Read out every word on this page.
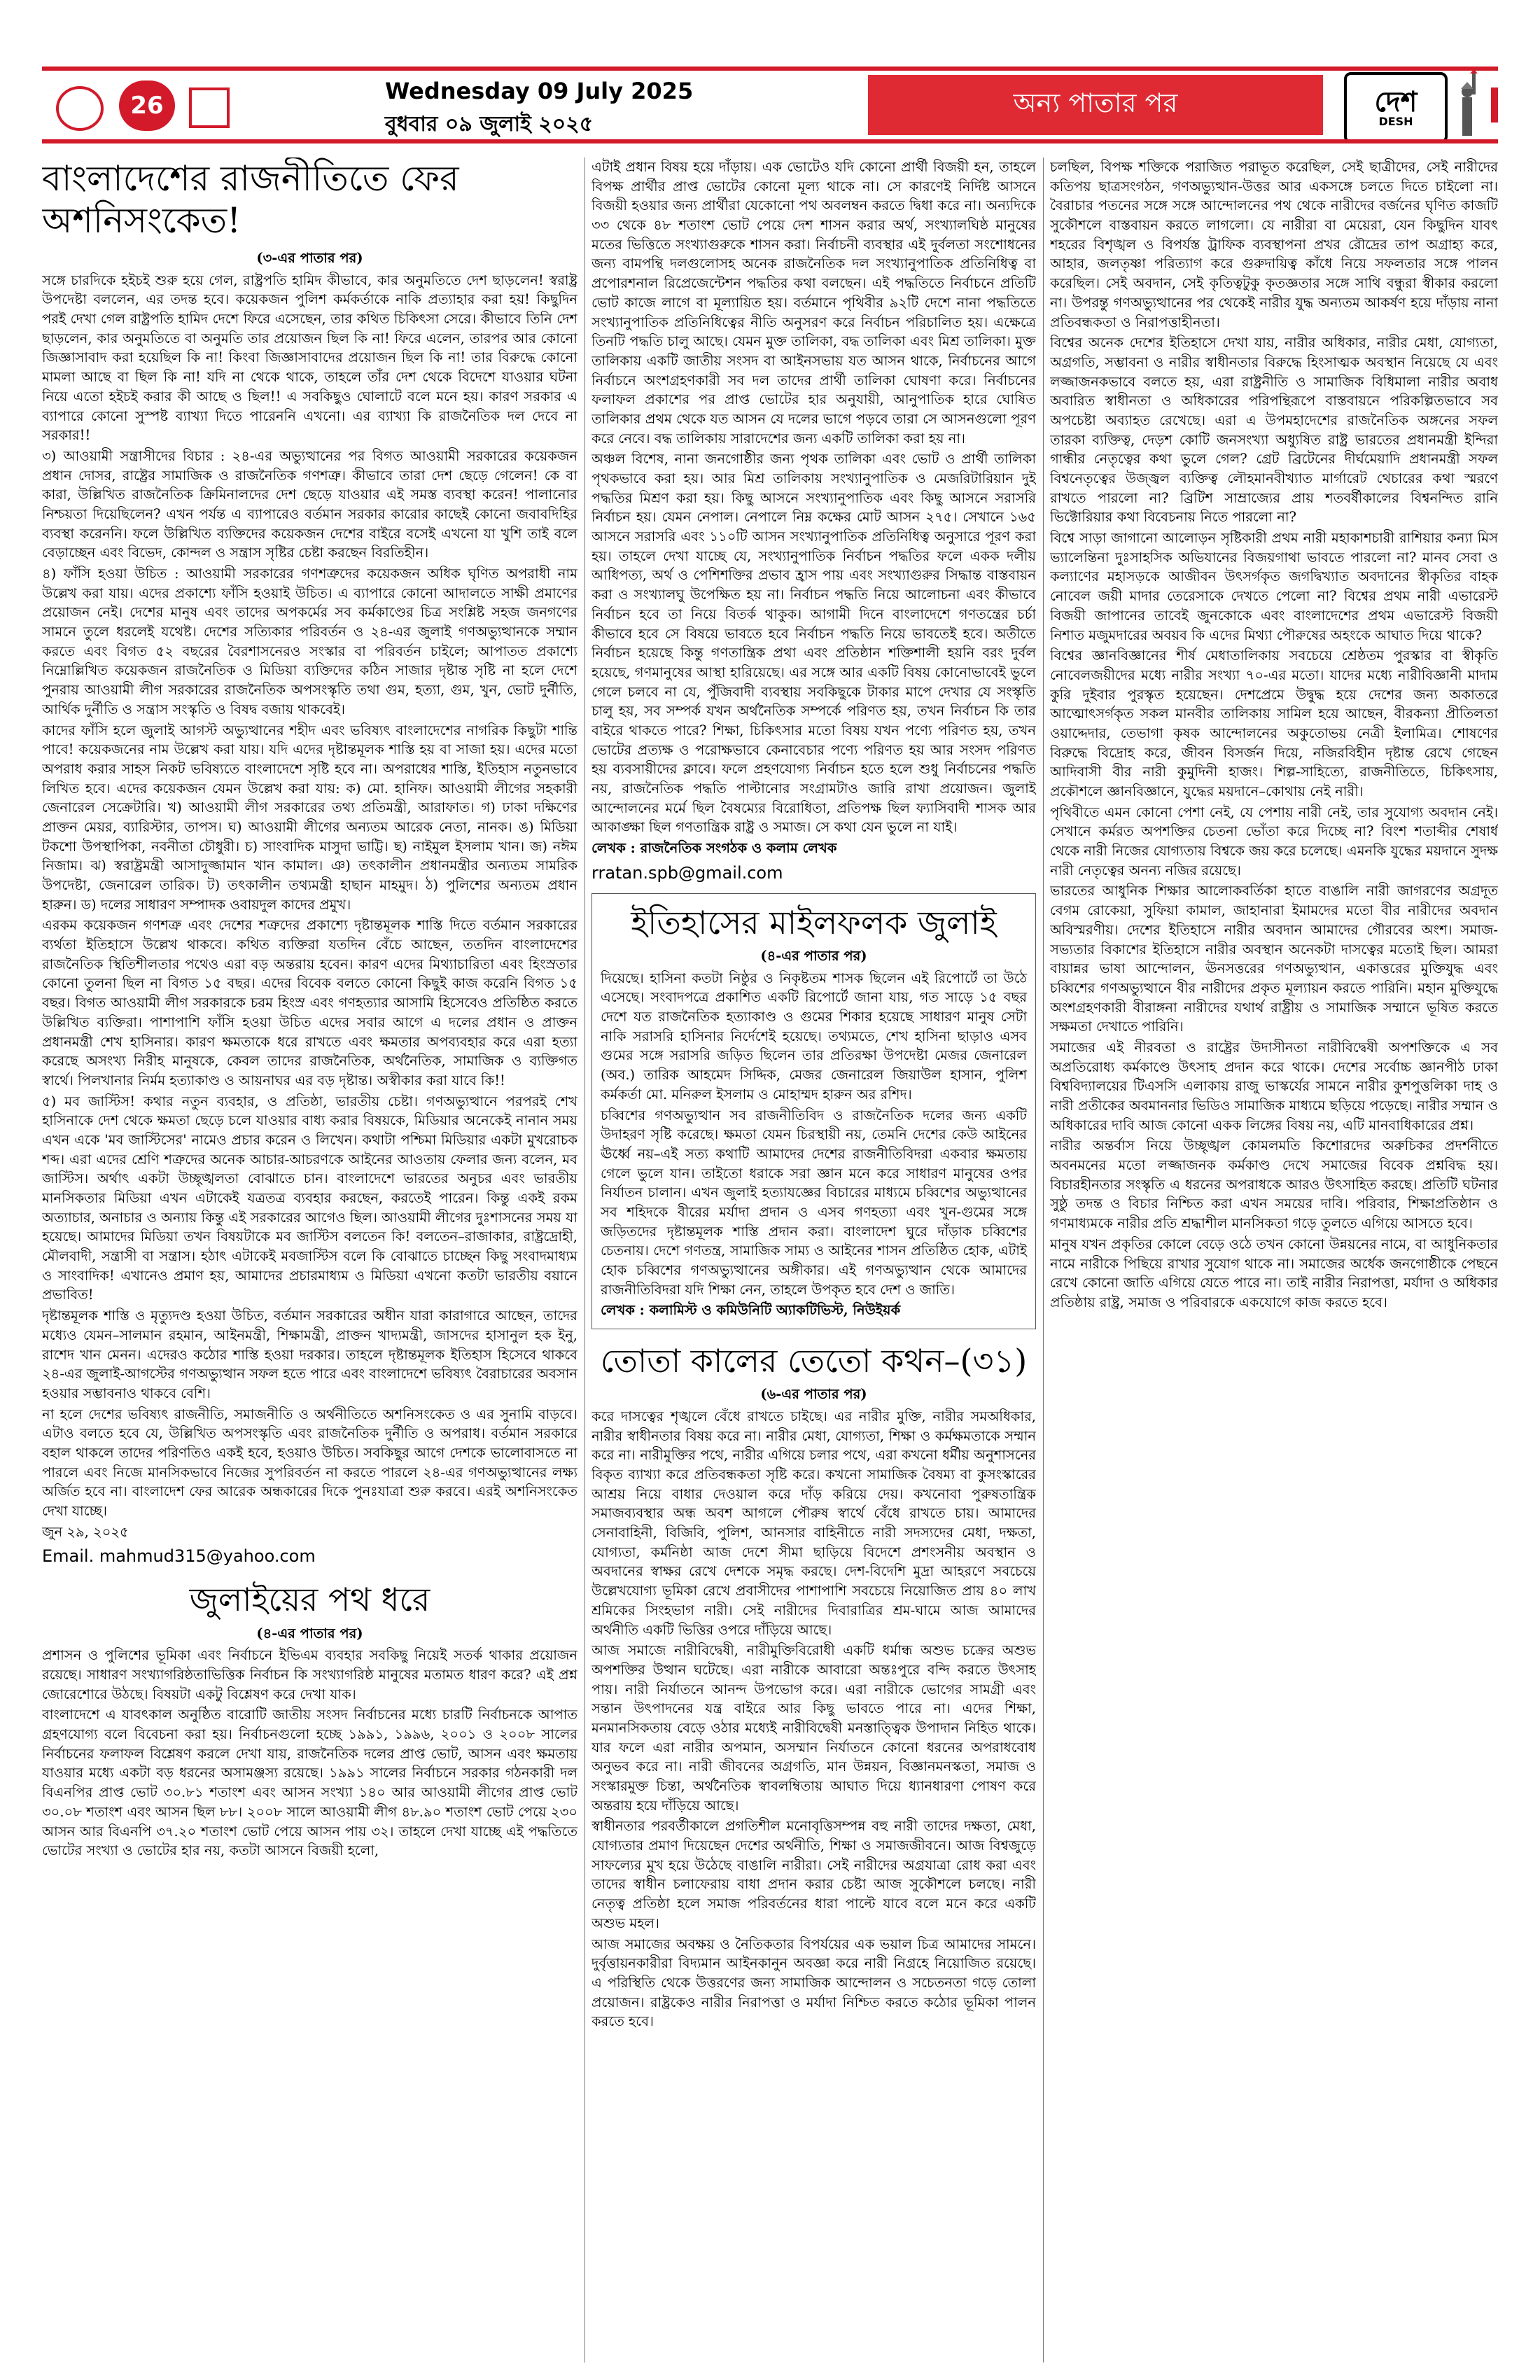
26
Wednesday 09 July 2025
বুধবার ০৯ জুলাই ২০২৫
অন্য পাতার পর	দেশ
DESH
বাংলাদেশের রাজনীতিতে ফের অশনিসংকেত!
(৩-এর পাতার পর)

সঙ্গে চারদিকে হইচই শুরু হয়ে গেল, রাষ্ট্রপতি হামিদ কীভাবে, কার অনুমতিতে দেশ ছাড়লেন! স্বরাষ্ট্র উপদেষ্টা বললেন, এর তদন্ত হবে। কয়েকজন পুলিশ কর্মকর্তাকে নাকি প্রত্যাহার করা হয়! কিছুদিন পরই দেখা গেল রাষ্ট্রপতি হামিদ দেশে ফিরে এসেছেন, তার কথিত চিকিৎসা সেরে। কীভাবে তিনি দেশ ছাড়লেন, কার অনুমতিতে বা অনুমতি তার প্রয়োজন ছিল কি না! ফিরে এলেন, তারপর আর কোনো জিজ্ঞাসাবাদ করা হয়েছিল কি না! কিংবা জিজ্ঞাসাবাদের প্রয়োজন ছিল কি না! তার বিরুদ্ধে কোনো মামলা আছে বা ছিল কি না! যদি না থেকে থাকে, তাহলে তাঁর দেশ থেকে বিদেশে যাওয়ার ঘটনা নিয়ে এতো হইচই করার কী আছে ও ছিল!! এ সবকিছুও ঘোলাটে বলে মনে হয়। কারণ সরকার এ ব্যাপারে কোনো সুস্পষ্ট ব্যাখ্যা দিতে পারেননি এখনো। এর ব্যাখ্যা কি রাজনৈতিক দল দেবে না সরকার!!

৩) আওয়ামী সন্ত্রাসীদের বিচার : ২৪-এর অভ্যুত্থানের পর বিগত আওয়ামী সরকারের কয়েকজন প্রধান দোসর, রাষ্ট্রের সামাজিক ও রাজনৈতিক গণশত্রু। কীভাবে তারা দেশ ছেড়ে গেলেন! কে বা কারা, উল্লিখিত রাজনৈতিক ক্রিমিনালদের দেশ ছেড়ে যাওয়ার এই সমস্ত ব্যবস্থা করেন! পালানোর নিশ্চয়তা দিয়েছিলেন? এখন পর্যন্ত এ ব্যাপারেও বর্তমান সরকার কারোর কাছেই কোনো জবাবদিহির ব্যবস্থা করেননি। ফলে উল্লিখিত ব্যক্তিদের কয়েকজন দেশের বাইরে বসেই এখনো যা খুশি তাই বলে বেড়াচ্ছেন এবং বিভেদ, কোন্দল ও সন্ত্রাস সৃষ্টির চেষ্টা করছেন বিরতিহীন।

৪) ফাঁসি হওয়া উচিত : আওয়ামী সরকারের গণশত্রুদের কয়েকজন অধিক ঘৃণিত অপরাধী নাম উল্লেখ করা যায়। এদের প্রকাশ্যে ফাঁসি হওয়াই উচিত। এ ব্যাপারে কোনো আদালতে সাক্ষী প্রমাণের প্রয়োজন নেই। দেশের মানুষ এবং তাদের অপকর্মের সব কর্মকাণ্ডের চিত্র সংশ্লিষ্ট সহজ জনগণের সামনে তুলে ধরলেই যথেষ্ট। দেশের সত্যিকার পরিবর্তন ও ২৪-এর জুলাই গণঅভ্যুত্থানকে সম্মান করতে এবং বিগত ৫২ বছরের বৈরশাসনেরও সংস্কার বা পরিবর্তন চাইলে; আপাতত প্রকাশ্যে নিম্নোল্লিখিত কয়েকজন রাজনৈতিক ও মিডিয়া ব্যক্তিদের কঠিন সাজার দৃষ্টান্ত সৃষ্টি না হলে দেশে পুনরায় আওয়ামী লীগ সরকারের রাজনৈতিক অপসংস্কৃতি তথা গুম, হত্যা, গুম, খুন, ভোট দুর্নীতি, আর্থিক দুর্নীতি ও সন্ত্রাস সংস্কৃতি ও বিষদ্ব বজায় থাকবেই।

কাদের ফাঁসি হলে জুলাই আগস্ট অভ্যুত্থানের শহীদ এবং ভবিষ্যৎ বাংলাদেশের নাগরিক কিছুটা শান্তি পাবে! কয়েকজনের নাম উল্লেখ করা যায়। যদি এদের দৃষ্টান্তমূলক শাস্তি হয় বা সাজা হয়। এদের মতো অপরাধ করার সাহস নিকট ভবিষ্যতে বাংলাদেশে সৃষ্টি হবে না। অপরাধের শাস্তি, ইতিহাস নতুনভাবে লিখিত হবে। এদের কয়েকজন যেমন উল্লেখ করা যায়: ক) মো. হানিফ। আওয়ামী লীগের সহকারী জেনারেল সেক্রেটারি। খ) আওয়ামী লীগ সরকারের তথ্য প্রতিমন্ত্রী, আরাফাত। গ) ঢাকা দক্ষিণের প্রাক্তন মেয়র, ব্যারিস্টার, তাপস। ঘ) আওয়ামী লীগের অন্যতম আরেক নেতা, নানক। ঙ) মিডিয়া টকশো উপস্থাপিকা, নবনীতা চৌধুরী। চ) সাংবাদিক মাসুদা ভাট্টি। ছ) নাইমুল ইসলাম খান। জ) নঈম নিজাম। ঝ) স্বরাষ্ট্রমন্ত্রী আসাদুজ্জামান খান কামাল। ঞ) তৎকালীন প্রধানমন্ত্রীর অন্যতম সামরিক উপদেষ্টা, জেনারেল তারিক। ট) তৎকালীন তথ্যমন্ত্রী হাছান মাহমুদ। ঠ) পুলিশের অন্যতম প্রধান হারুন। ড) দলের সাধারণ সম্পাদক ওবায়দুল কাদের প্রমুখ।

এরকম কয়েকজন গণশত্রু এবং দেশের শত্রুদের প্রকাশ্যে দৃষ্টান্তমূলক শাস্তি দিতে বর্তমান সরকারের ব্যর্থতা ইতিহাসে উল্লেখ থাকবে। কথিত ব্যক্তিরা যতদিন বেঁচে আছেন, ততদিন বাংলাদেশের রাজনৈতিক স্থিতিশীলতার পথেও এরা বড় অন্তরায় হবেন। কারণ এদের মিথ্যাচারিতা এবং হিংস্রতার কোনো তুলনা ছিল না বিগত ১৫ বছর। এদের বিবেক বলতে কোনো কিছুই কাজ করেনি বিগত ১৫ বছর। বিগত আওয়ামী লীগ সরকারকে চরম হিংস্র এবং গণহত্যার আসামি হিসেবেও প্রতিষ্ঠিত করতে উল্লিখিত ব্যক্তিরা। পাশাপাশি ফাঁসি হওয়া উচিত এদের সবার আগে এ দলের প্রধান ও প্রাক্তন প্রধানমন্ত্রী শেখ হাসিনার। কারণ ক্ষমতাকে ধরে রাখতে এবং ক্ষমতার অপব্যবহার করে এরা হত্যা করেছে অসংখ্য নিরীহ মানুষকে, কেবল তাদের রাজনৈতিক, অর্থনৈতিক, সামাজিক ও ব্যক্তিগত স্বার্থে। পিলখানার নির্মম হত্যাকাণ্ড ও আয়নাঘর এর বড় দৃষ্টান্ত। অস্বীকার করা যাবে কি!!

৫) মব জাস্টিস! কথার নতুন ব্যবহার, ও প্রতিষ্ঠা, ভারতীয় চেষ্টা। গণঅভ্যুত্থানে পরপরই শেখ হাসিনাকে দেশ থেকে ক্ষমতা ছেড়ে চলে যাওয়ার বাধ্য করার বিষয়কে, মিডিয়ার অনেকেই নানান সময় এখন একে 'মব জাস্টিসের' নামেও প্রচার করেন ও লিখেন। কথাটা পশ্চিমা মিডিয়ার একটা মুখরোচক শব্দ। এরা এদের শ্রেণি শত্রুদের অনেক আচার-আচরণকে আইনের আওতায় ফেলার জন্য বলেন, মব জাস্টিস। অর্থাৎ একটা উচ্ছৃঙ্খলতা বোঝাতে চান। বাংলাদেশে ভারতের অনুচর এবং ভারতীয় মানসিকতার মিডিয়া এখন এটাকেই যত্রতত্র ব্যবহার করছেন, করতেই পারেন। কিন্তু একই রকম অত্যাচার, অনাচার ও অন্যায় কিন্তু এই সরকারের আগেও ছিল। আওয়ামী লীগের দুঃশাসনের সময় যা হয়েছে। আমাদের মিডিয়া তখন বিষয়টাকে মব জাস্টিস বলতেন কি! বলতেন–রাজাকার, রাষ্ট্রদ্রোহী, মৌলবাদী, সন্ত্রাসী বা সন্ত্রাস। হঠাৎ এটাকেই মবজাস্টিস বলে কি বোঝাতে চাচ্ছেন কিছু সংবাদমাধ্যম ও সাংবাদিক! এখানেও প্রমাণ হয়, আমাদের প্রচারমাধ্যম ও মিডিয়া এখনো কতটা ভারতীয় বয়ানে প্রভাবিত!

দৃষ্টান্তমূলক শাস্তি ও মৃত্যুদণ্ড হওয়া উচিত, বর্তমান সরকারের অধীন যারা কারাগারে আছেন, তাদের মধ্যেও যেমন–সালমান রহমান, আইনমন্ত্রী, শিক্ষামন্ত্রী, প্রাক্তন খাদ্যমন্ত্রী, জাসদের হাসানুল হক ইনু, রাশেদ খান মেনন। এদেরও কঠোর শাস্তি হওয়া দরকার। তাহলে দৃষ্টান্তমূলক ইতিহাস হিসেবে থাকবে ২৪-এর জুলাই-আগস্টের গণঅভ্যুত্থান সফল হতে পারে এবং বাংলাদেশে ভবিষ্যৎ বৈরাচারের অবসান হওয়ার সম্ভাবনাও থাকবে বেশি।

না হলে দেশের ভবিষ্যৎ রাজনীতি, সমাজনীতি ও অর্থনীতিতে অশনিসংকেত ও এর সুনামি বাড়বে। এটাও বলতে হবে যে, উল্লিখিত অপসংস্কৃতি এবং রাজনৈতিক দুর্নীতি ও অপরাধ। বর্তমান সরকারে বহাল থাকলে তাদের পরিণতিও একই হবে, হওয়াও উচিত। সবকিছুর আগে দেশকে ভালোবাসতে না পারলে এবং নিজে মানসিকভাবে নিজের সুপরিবর্তন না করতে পারলে ২৪-এর গণঅভ্যুত্থানের লক্ষ্য অর্জিত হবে না। বাংলাদেশ ফের আরেক অন্ধকারের দিকে পুনঃযাত্রা শুরু করবে। এরই অশনিসংকেত দেখা যাচ্ছে।

জুন ২৯, ২০২৫

Email. mahmud315@yahoo.com
জুলাইয়ের পথ ধরে
(৪-এর পাতার পর)

প্রশাসন ও পুলিশের ভূমিকা এবং নির্বাচনে ইভিএম ব্যবহার সবকিছু নিয়েই সতর্ক থাকার প্রয়োজন রয়েছে। সাধারণ সংখ্যাগরিষ্ঠতাভিত্তিক নির্বাচন কি সংখ্যাগরিষ্ঠ মানুষের মতামত ধারণ করে? এই প্রশ্ন জোরেশোরে উঠছে। বিষয়টা একটু বিশ্লেষণ করে দেখা যাক।

বাংলাদেশে এ যাবৎকাল অনুষ্ঠিত বারোটি জাতীয় সংসদ নির্বাচনের মধ্যে চারটি নির্বাচনকে আপাত গ্রহণযোগ্য বলে বিবেচনা করা হয়। নির্বাচনগুলো হচ্ছে ১৯৯১, ১৯৯৬, ২০০১ ও ২০০৮ সালের নির্বাচনের ফলাফল বিশ্লেষণ করলে দেখা যায়, রাজনৈতিক দলের প্রাপ্ত ভোট, আসন এবং ক্ষমতায় যাওয়ার মধ্যে একটা বড় ধরনের অসামঞ্জস্য রয়েছে। ১৯৯১ সালের নির্বাচনে সরকার গঠনকারী দল বিএনপির প্রাপ্ত ভোট ৩০.৮১ শতাংশ এবং আসন সংখ্যা ১৪০ আর আওয়ামী লীগের প্রাপ্ত ভোট ৩০.০৮ শতাংশ এবং আসন ছিল ৮৮। ২০০৮ সালে আওয়ামী লীগ ৪৮.৯০ শতাংশ ভোট পেয়ে ২৩০ আসন আর বিএনপি ৩৭.২০ শতাংশ ভোট পেয়ে আসন পায় ৩২। তাহলে দেখা যাচ্ছে এই পদ্ধতিতে ভোটের সংখ্যা ও ভোটের হার নয়, কতটা আসনে বিজয়ী হলো,

এটাই প্রধান বিষয় হয়ে দাঁড়ায়। এক ভোটেও যদি কোনো প্রার্থী বিজয়ী হন, তাহলে বিপক্ষ প্রার্থীর প্রাপ্ত ভোটের কোনো মূল্য থাকে না। সে কারণেই নির্দিষ্ট আসনে বিজয়ী হওয়ার জন্য প্রার্থীরা যেকোনো পথ অবলম্বন করতে দ্বিধা করে না। অন্যদিকে ৩৩ থেকে ৪৮ শতাংশ ভোট পেয়ে দেশ শাসন করার অর্থ, সংখ্যালঘিষ্ঠ মানুষের মতের ভিত্তিতে সংখ্যাগুরুকে শাসন করা। নির্বাচনী ব্যবস্থার এই দুর্বলতা সংশোধনের জন্য বামপন্থি দলগুলোসহ অনেক রাজনৈতিক দল সংখ্যানুপাতিক প্রতিনিধিত্ব বা প্রপোরশনাল রিপ্রেজেন্টেশন পদ্ধতির কথা বলছেন। এই পদ্ধতিতে নির্বাচনে প্রতিটি ভোট কাজে লাগে বা মূল্যায়িত হয়। বর্তমানে পৃথিবীর ৯২টি দেশে নানা পদ্ধতিতে সংখ্যানুপাতিক প্রতিনিধিত্বের নীতি অনুসরণ করে নির্বাচন পরিচালিত হয়। এক্ষেত্রে তিনটি পদ্ধতি চালু আছে। যেমন মুক্ত তালিকা, বদ্ধ তালিকা এবং মিশ্র তালিকা। মুক্ত তালিকায় একটি জাতীয় সংসদ বা আইনসভায় যত আসন থাকে, নির্বাচনের আগে নির্বাচনে অংশগ্রহণকারী সব দল তাদের প্রার্থী তালিকা ঘোষণা করে। নির্বাচনের ফলাফল প্রকাশের পর প্রাপ্ত ভোটের হার অনুযায়ী, আনুপাতিক হারে ঘোষিত তালিকার প্রথম থেকে যত আসন যে দলের ভাগে পড়বে তারা সে আসনগুলো পূরণ করে নেবে। বদ্ধ তালিকায় সারাদেশের জন্য একটি তালিকা করা হয় না।

অঞ্চল বিশেষ, নানা জনগোষ্ঠীর জন্য পৃথক তালিকা এবং ভোট ও প্রার্থী তালিকা পৃথকভাবে করা হয়। আর মিশ্র তালিকায় সংখ্যানুপাতিক ও মেজরিটারিয়ান দুই পদ্ধতির মিশ্রণ করা হয়। কিছু আসনে সংখ্যানুপাতিক এবং কিছু আসনে সরাসরি নির্বাচন হয়। যেমন নেপাল। নেপালে নিম্ন কক্ষের মোট আসন ২৭৫। সেখানে ১৬৫ আসনে সরাসরি এবং ১১০টি আসন সংখ্যানুপাতিক প্রতিনিধিত্ব অনুসারে পূরণ করা হয়। তাহলে দেখা যাচ্ছে যে, সংখ্যানুপাতিক নির্বাচন পদ্ধতির ফলে একক দলীয় আধিপত্য, অর্থ ও পেশিশক্তির প্রভাব হ্রাস পায় এবং সংখ্যাগুরুর সিদ্ধান্ত বাস্তবায়ন করা ও সংখ্যালঘু উপেক্ষিত হয় না। নির্বাচন পদ্ধতি নিয়ে আলোচনা এবং কীভাবে নির্বাচন হবে তা নিয়ে বিতর্ক থাকুক। আগামী দিনে বাংলাদেশে গণতন্ত্রের চর্চা কীভাবে হবে সে বিষয়ে ভাবতে হবে নির্বাচন পদ্ধতি নিয়ে ভাবতেই হবে। অতীতে নির্বাচন হয়েছে কিন্তু গণতান্ত্রিক প্রথা এবং প্রতিষ্ঠান শক্তিশালী হয়নি বরং দুর্বল হয়েছে, গণমানুষের আস্থা হারিয়েছে। এর সঙ্গে আর একটি বিষয় কোনোভাবেই ভুলে গেলে চলবে না যে, পুঁজিবাদী ব্যবস্থায় সবকিছুকে টাকার মাপে দেখার যে সংস্কৃতি চালু হয়, সব সম্পর্ক যখন অর্থনৈতিক সম্পর্কে পরিণত হয়, তখন নির্বাচন কি তার বাইরে থাকতে পারে? শিক্ষা, চিকিৎসার মতো বিষয় যখন পণ্যে পরিণত হয়, তখন ভোটের প্রত্যক্ষ ও পরোক্ষভাবে কেনাবেচার পণ্যে পরিণত হয় আর সংসদ পরিণত হয় ব্যবসায়ীদের ক্লাবে। ফলে প্রহণযোগ্য নির্বাচন হতে হলে শুধু নির্বাচনের পদ্ধতি নয়, রাজনৈতিক পদ্ধতি পাল্টানোর সংগ্রামটাও জারি রাখা প্রয়োজন। জুলাই আন্দোলনের মর্মে ছিল বৈষম্যের বিরোধিতা, প্রতিপক্ষ ছিল ফ্যাসিবাদী শাসক আর আকাঙ্ক্ষা ছিল গণতান্ত্রিক রাষ্ট্র ও সমাজ। সে কথা যেন ভুলে না যাই।

লেখক : রাজনৈতিক সংগঠক ও কলাম লেখক

rratan.spb@gmail.com
ইতিহাসের মাইলফলক জুলাই
(৪-এর পাতার পর)

দিয়েছে। হাসিনা কতটা নিষ্ঠুর ও নিকৃষ্টতম শাসক ছিলেন এই রিপোর্টে তা উঠে এসেছে। সংবাদপত্রে প্রকাশিত একটি রিপোর্টে জানা যায়, গত সাড়ে ১৫ বছর দেশে যত রাজনৈতিক হত্যাকাণ্ড ও গুমের শিকার হয়েছে সাধারণ মানুষ সেটা নাকি সরাসরি হাসিনার নির্দেশেই হয়েছে। তথ্যমতে, শেখ হাসিনা ছাড়াও এসব গুমের সঙ্গে সরাসরি জড়িত ছিলেন তার প্রতিরক্ষা উপদেষ্টা মেজর জেনারেল (অব.) তারিক আহমেদ সিদ্দিক, মেজর জেনারেল জিয়াউল হাসান, পুলিশ কর্মকর্তা মো. মনিরুল ইসলাম ও মোহাম্মদ হারুন অর রশিদ।

চব্বিশের গণঅভ্যুত্থান সব রাজনীতিবিদ ও রাজনৈতিক দলের জন্য একটি উদাহরণ সৃষ্টি করেছে। ক্ষমতা যেমন চিরস্থায়ী নয়, তেমনি দেশের কেউ আইনের ঊর্ধ্বে নয়–এই সত্য কথাটি আমাদের দেশের রাজনীতিবিদরা একবার ক্ষমতায় গেলে ভুলে যান। তাইতো ধরাকে সরা জ্ঞান মনে করে সাধারণ মানুষের ওপর নির্যাতন চালান। এখন জুলাই হত্যাযজ্ঞের বিচারের মাধ্যমে চব্বিশের অভ্যুত্থানের সব শহিদকে বীরের মর্যাদা প্রদান ও এসব গণহত্যা এবং খুন-গুমের সঙ্গে জড়িতদের দৃষ্টান্তমূলক শাস্তি প্রদান করা। বাংলাদেশ ঘুরে দাঁড়াক চব্বিশের চেতনায়। দেশে গণতন্ত্র, সামাজিক সাম্য ও আইনের শাসন প্রতিষ্ঠিত হোক, এটাই হোক চব্বিশের গণঅভ্যুত্থানের অঙ্গীকার। এই গণঅভ্যুত্থান থেকে আমাদের রাজনীতিবিদরা যদি শিক্ষা নেন, তাহলে উপকৃত হবে দেশ ও জাতি।

লেখক : কলামিস্ট ও কমিউনিটি অ্যাকটিভিস্ট, নিউইয়র্ক

তোতা কালের তেতো কথন–(৩১)
(৬-এর পাতার পর)

করে দাসত্বের শৃঙ্খলে বেঁধে রাখতে চাইছে। এর নারীর মুক্তি, নারীর সমঅধিকার, নারীর স্বাধীনতার বিষয় করে না। নারীর মেধা, যোগ্যতা, শিক্ষা ও কর্মক্ষমতাকে সম্মান করে না। নারীমুক্তির পথে, নারীর এগিয়ে চলার পথে, এরা কখনো ধর্মীয় অনুশাসনের বিকৃত ব্যাখ্যা করে প্রতিবন্ধকতা সৃষ্টি করে। কখনো সামাজিক বৈষম্য বা কুসংস্কারের আশ্রয় নিয়ে বাধার দেওয়াল করে দাঁড় করিয়ে দেয়। কখনোবা পুরুষতান্ত্রিক সমাজব্যবস্থার অন্ধ অবশ আগলে পৌরুষ স্বার্থে বেঁধে রাখতে চায়। আমাদের সেনাবাহিনী, বিজিবি, পুলিশ, আনসার বাহিনীতে নারী সদস্যদের মেধা, দক্ষতা, যোগ্যতা, কর্মনিষ্ঠা আজ দেশে সীমা ছাড়িয়ে বিদেশে প্রশংসনীয় অবস্থান ও অবদানের স্বাক্ষর রেখে দেশকে সমৃদ্ধ করছে। দেশ-বিদেশি মুদ্রা আহরণে সবচেয়ে উল্লেখযোগ্য ভূমিকা রেখে প্রবাসীদের পাশাপাশি সবচেয়ে নিয়োজিত প্রায় ৪০ লাখ শ্রমিকের সিংহভাগ নারী। সেই নারীদের দিবারাত্রির শ্রম-ঘামে আজ আমাদের অর্থনীতি একটি ভিত্তির ওপরে দাঁড়িয়ে আছে।

আজ সমাজে নারীবিদ্বেষী, নারীমুক্তিবিরোধী একটি ধর্মান্ধ অশুভ চক্রের অশুভ অপশক্তির উত্থান ঘটেছে। এরা নারীকে আবারো অন্তঃপুরে বন্দি করতে উৎসাহ পায়। নারী নির্যাতনে আনন্দ উপভোগ করে। এরা নারীকে ভোগের সামগ্রী এবং সন্তান উৎপাদনের যন্ত্র বাইরে আর কিছু ভাবতে পারে না। এদের শিক্ষা, মনমানসিকতায় বেড়ে ওঠার মধ্যেই নারীবিদ্বেষী মনস্তাত্ত্বিক উপাদান নিহিত থাকে। যার ফলে এরা নারীর অপমান, অসম্মান নির্যাতনে কোনো ধরনের অপরাধবোধ অনুভব করে না। নারী জীবনের অগ্রগতি, মান উন্নয়ন, বিজ্ঞানমনস্কতা, সমাজ ও সংস্কারমুক্ত চিন্তা, অর্থনৈতিক স্বাবলম্বিতায় আঘাত দিয়ে ধ্যানধারণা পোষণ করে অন্তরায় হয়ে দাঁড়িয়ে আছে।

স্বাধীনতার পরবর্তীকালে প্রগতিশীল মনোবৃত্তিসম্পন্ন বহু নারী তাদের দক্ষতা, মেধা, যোগ্যতার প্রমাণ দিয়েছেন দেশের অর্থনীতি, শিক্ষা ও সমাজজীবনে। আজ বিশ্বজুড়ে সাফল্যের মুখ হয়ে উঠেছে বাঙালি নারীরা। সেই নারীদের অগ্রযাত্রা রোধ করা এবং তাদের স্বাধীন চলাফেরায় বাধা প্রদান করার চেষ্টা আজ সুকৌশলে চলছে। নারী নেতৃত্ব প্রতিষ্ঠা হলে সমাজ পরিবর্তনের ধারা পাল্টে যাবে বলে মনে করে একটি অশুভ মহল।

আজ সমাজের অবক্ষয় ও নৈতিকতার বিপর্যয়ের এক ভয়াল চিত্র আমাদের সামনে। দুর্বৃত্তায়নকারীরা বিদ্যমান আইনকানুন অবজ্ঞা করে নারী নিগ্রহে নিয়োজিত রয়েছে। এ পরিস্থিতি থেকে উত্তরণের জন্য সামাজিক আন্দোলন ও সচেতনতা গড়ে তোলা প্রয়োজন। রাষ্ট্রকেও নারীর নিরাপত্তা ও মর্যাদা নিশ্চিত করতে কঠোর ভূমিকা পালন করতে হবে।

চলছিল, বিপক্ষ শক্তিকে পরাজিত পরাভূত করেছিল, সেই ছাত্রীদের, সেই নারীদের কতিপয় ছাত্রসংগঠন, গণঅভ্যুত্থান-উত্তর আর একসঙ্গে চলতে দিতে চাইলো না। বৈরাচার পতনের সঙ্গে সঙ্গে আন্দোলনের পথ থেকে নারীদের বর্জনের ঘৃণিত কাজটি সুকৌশলে বাস্তবায়ন করতে লাগলো। যে নারীরা বা মেয়েরা, যেন কিছুদিন যাবৎ শহরের বিশৃঙ্খল ও বিপর্যস্ত ট্রাফিক ব্যবস্থাপনা প্রখর রৌদ্রের তাপ অগ্রাহ্য করে, আহার, জলতৃষ্ণা পরিত্যাগ করে গুরুদায়িত্ব কাঁধে নিয়ে সফলতার সঙ্গে পালন করেছিল। সেই অবদান, সেই কৃতিত্বটুকু কৃতজ্ঞতার সঙ্গে সাথি বন্ধুরা স্বীকার করলো না। উপরন্তু গণঅভ্যুত্থানের পর থেকেই নারীর যুদ্ধ অন্যতম আকর্ষণ হয়ে দাঁড়ায় নানা প্রতিবন্ধকতা ও নিরাপত্তাহীনতা।

বিশ্বের অনেক দেশের ইতিহাসে দেখা যায়, নারীর অধিকার, নারীর মেধা, যোগ্যতা, অগ্রগতি, সম্ভাবনা ও নারীর স্বাধীনতার বিরুদ্ধে হিংসাত্মক অবস্থান নিয়েছে যে এবং লজ্জাজনকভাবে বলতে হয়, এরা রাষ্ট্রনীতি ও সামাজিক বিধিমালা নারীর অবাধ অবারিত স্বাধীনতা ও অধিকারের পরিপন্থিরূপে বাস্তবায়নে পরিকল্পিতভাবে সব অপচেষ্টা অব্যাহত রেখেছে। এরা এ উপমহাদেশের রাজনৈতিক অঙ্গনের সফল তারকা ব্যক্তিত্ব, দেড়শ কোটি জনসংখ্যা অধ্যুষিত রাষ্ট্র ভারতের প্রধানমন্ত্রী ইন্দিরা গান্ধীর নেতৃত্বের কথা ভুলে গেল? গ্রেট ব্রিটেনের দীর্ঘমেয়াদি প্রধানমন্ত্রী সফল বিশ্বনেতৃত্বের উজ্জ্বল ব্যক্তিত্ব লৌহমানবীখ্যাত মার্গারেট থেচারের কথা স্মরণে রাখতে পারলো না? ব্রিটিশ সাম্রাজ্যের প্রায় শতবর্ষীকালের বিশ্বনন্দিত রানি ভিক্টোরিয়ার কথা বিবেচনায় নিতে পারলো না?

বিশ্বে সাড়া জাগানো আলোড়ন সৃষ্টিকারী প্রথম নারী মহাকাশচারী রাশিয়ার কন্যা মিস ভ্যালেন্তিনা দুঃসাহসিক অভিযানের বিজয়গাথা ভাবতে পারলো না? মানব সেবা ও কল্যাণের মহাসড়কে আজীবন উৎসর্গকৃত জগদ্বিখ্যাত অবদানের স্বীকৃতির বাহক নোবেল জয়ী মাদার তেরেসাকে দেখতে পেলো না? বিশ্বের প্রথম নারী এভারেস্ট বিজয়ী জাপানের তাবেই জুনকোকে এবং বাংলাদেশের প্রথম এভারেস্ট বিজয়ী নিশাত মজুমদারের অবয়ব কি এদের মিথ্যা পৌরুষের অহংকে আঘাত দিয়ে থাকে?

বিশ্বের জ্ঞানবিজ্ঞানের শীর্ষ মেধাতালিকায় সবচেয়ে শ্রেষ্ঠতম পুরস্কার বা স্বীকৃতি নোবেলজয়ীদের মধ্যে নারীর সংখ্যা ৭০-এর মতো। যাদের মধ্যে নারীবিজ্ঞানী মাদাম কুরি দুইবার পুরস্কৃত হয়েছেন। দেশপ্রেমে উদ্বুদ্ধ হয়ে দেশের জন্য অকাতরে আত্মোৎসর্গকৃত সকল মানবীর তালিকায় সামিল হয়ে আছেন, বীরকন্যা প্রীতিলতা ওয়াদ্দেদার, তেভাগা কৃষক আন্দোলনের অকুতোভয় নেত্রী ইলামিত্র। শোষণের বিরুদ্ধে বিদ্রোহ করে, জীবন বিসর্জন দিয়ে, নজিরবিহীন দৃষ্টান্ত রেখে গেছেন আদিবাসী বীর নারী কুমুদিনী হাজং। শিল্প-সাহিত্যে, রাজনীতিতে, চিকিৎসায়, প্রকৌশলে জ্ঞানবিজ্ঞানে, যুদ্ধের ময়দানে–কোথায় নেই নারী।

পৃথিবীতে এমন কোনো পেশা নেই, যে পেশায় নারী নেই, তার সুযোগ্য অবদান নেই। সেখানে কর্মরত অপশক্তির চেতনা ভোঁতা করে দিচ্ছে না? বিংশ শতাব্দীর শেষার্ধ থেকে নারী নিজের যোগ্যতায় বিশ্বকে জয় করে চলেছে। এমনকি যুদ্ধের ময়দানে সুদক্ষ নারী নেতৃত্বের অনন্য নজির রয়েছে।

ভারতের আধুনিক শিক্ষার আলোকবর্তিকা হাতে বাঙালি নারী জাগরণের অগ্রদূত বেগম রোকেয়া, সুফিয়া কামাল, জাহানারা ইমামদের মতো বীর নারীদের অবদান অবিস্মরণীয়। দেশের ইতিহাসে নারীর অবদান আমাদের গৌরবের অংশ। সমাজ-সভ্যতার বিকাশের ইতিহাসে নারীর অবস্থান অনেকটা দাসত্বের মতোই ছিল। আমরা বায়ান্নর ভাষা আন্দোলন, ঊনসত্তরের গণঅভ্যুত্থান, একাত্তরের মুক্তিযুদ্ধ এবং চব্বিশের গণঅভ্যুত্থানে বীর নারীদের প্রকৃত মূল্যায়ন করতে পারিনি। মহান মুক্তিযুদ্ধে অংশগ্রহণকারী বীরাঙ্গনা নারীদের যথার্থ রাষ্ট্রীয় ও সামাজিক সম্মানে ভূষিত করতে সক্ষমতা দেখাতে পারিনি।

সমাজের এই নীরবতা ও রাষ্ট্রের উদাসীনতা নারীবিদ্বেষী অপশক্তিকে এ সব অপ্রতিরোধ্য কর্মকাণ্ডে উৎসাহ প্রদান করে থাকে। দেশের সর্বোচ্চ জ্ঞানপীঠ ঢাকা বিশ্ববিদ্যালয়ের টিএসসি এলাকায় রাজু ভাস্কর্যের সামনে নারীর কুশপুত্তলিকা দাহ ও নারী প্রতীকের অবমাননার ভিডিও সামাজিক মাধ্যমে ছড়িয়ে পড়েছে। নারীর সম্মান ও অধিকারের দাবি আজ কোনো একক লিঙ্গের বিষয় নয়, এটি মানবাধিকারের প্রশ্ন।

নারীর অন্তর্বাস নিয়ে উচ্ছৃঙ্খল কোমলমতি কিশোরদের অরুচিকর প্রদর্শনীতে অবনমনের মতো লজ্জাজনক কর্মকাণ্ড দেখে সমাজের বিবেক প্রশ্নবিদ্ধ হয়। বিচারহীনতার সংস্কৃতি এ ধরনের অপরাধকে আরও উৎসাহিত করছে। প্রতিটি ঘটনার সুষ্ঠু তদন্ত ও বিচার নিশ্চিত করা এখন সময়ের দাবি। পরিবার, শিক্ষাপ্রতিষ্ঠান ও গণমাধ্যমকে নারীর প্রতি শ্রদ্ধাশীল মানসিকতা গড়ে তুলতে এগিয়ে আসতে হবে।

মানুষ যখন প্রকৃতির কোলে বেড়ে ওঠে তখন কোনো উন্নয়নের নামে, বা আধুনিকতার নামে নারীকে পিছিয়ে রাখার সুযোগ থাকে না। সমাজের অর্ধেক জনগোষ্ঠীকে পেছনে রেখে কোনো জাতি এগিয়ে যেতে পারে না। তাই নারীর নিরাপত্তা, মর্যাদা ও অধিকার প্রতিষ্ঠায় রাষ্ট্র, সমাজ ও পরিবারকে একযোগে কাজ করতে হবে।
